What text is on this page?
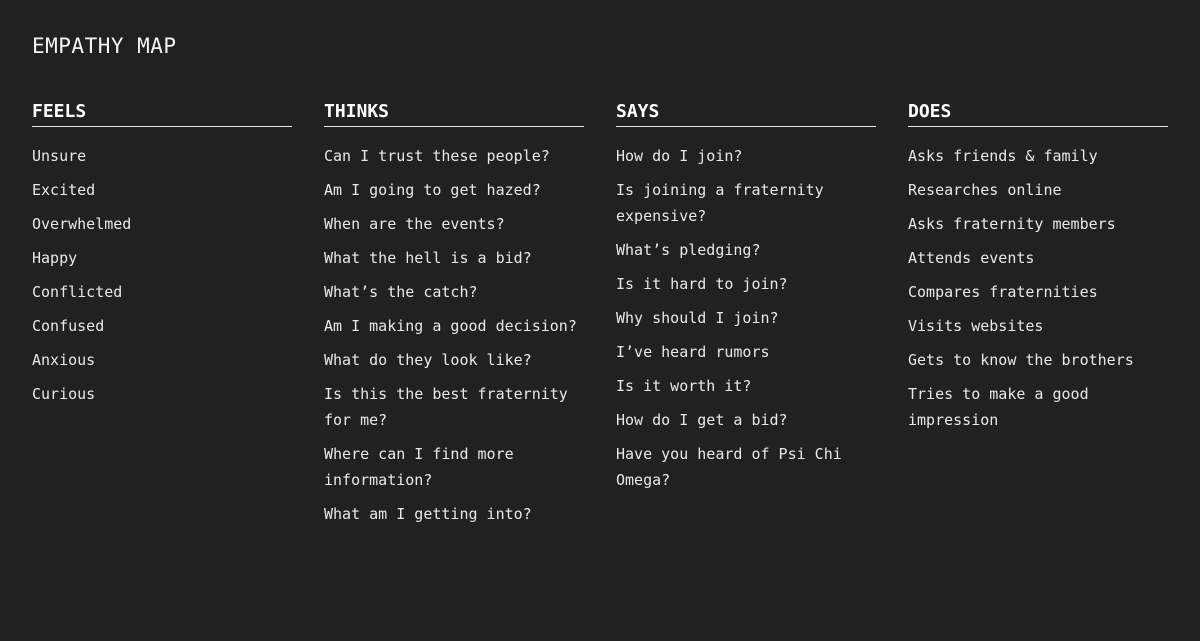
EMPATHY MAP
FEELS
Unsure
Excited
Overwhelmed
Happy
Conflicted
Confused
Anxious
Curious
THINKS
Can I trust these people?
Am I going to get hazed?
When are the events?
What the hell is a bid?
What’s the catch?
Am I making a good decision?
What do they look like?
Is this the best fraternity for me?
Where can I find more information?
What am I getting into?
SAYS
How do I join?
Is joining a fraternity expensive?
What’s pledging?
Is it hard to join?
Why should I join?
I’ve heard rumors
Is it worth it?
How do I get a bid?
Have you heard of Psi Chi Omega?
DOES
Asks friends & family
Researches online
Asks fraternity members
Attends events
Compares fraternities
Visits websites
Gets to know the brothers
Tries to make a good impression
